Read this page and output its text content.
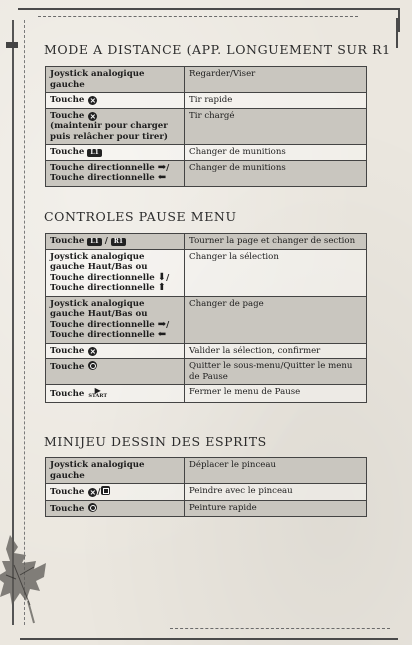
MODE A DISTANCE (APP. LONGUEMENT SUR R1
Joystick analogique gauche	Regarder/Viser
Touche ✕	Tir rapide
Touche ✕
(maintenir pour charger puis relâcher pour tirer)	Tir chargé
Touche L1	Changer de munitions
Touche directionnelle ➡/
Touche directionnelle ⬅	Changer de munitions
CONTROLES PAUSE MENU
Touche L1 / R1	Tourner la page et changer de section
Joystick analogique gauche Haut/Bas ou
Touche directionnelle ⬇/
Touche directionnelle ⬆	Changer la sélection
Joystick analogique gauche Haut/Bas ou
Touche directionnelle ➡/
Touche directionnelle ⬅	Changer de page
Touche ✕	Valider la sélection, confirmer
Touche	Quitter le sous-menu/Quitter le menu de Pause
Touche ▶
START	Fermer le menu de Pause
MINIJEU DESSIN DES ESPRITS
Joystick analogique gauche	Déplacer le pinceau
Touche ✕ /	Peindre avec le pinceau
Touche	Peinture rapide
